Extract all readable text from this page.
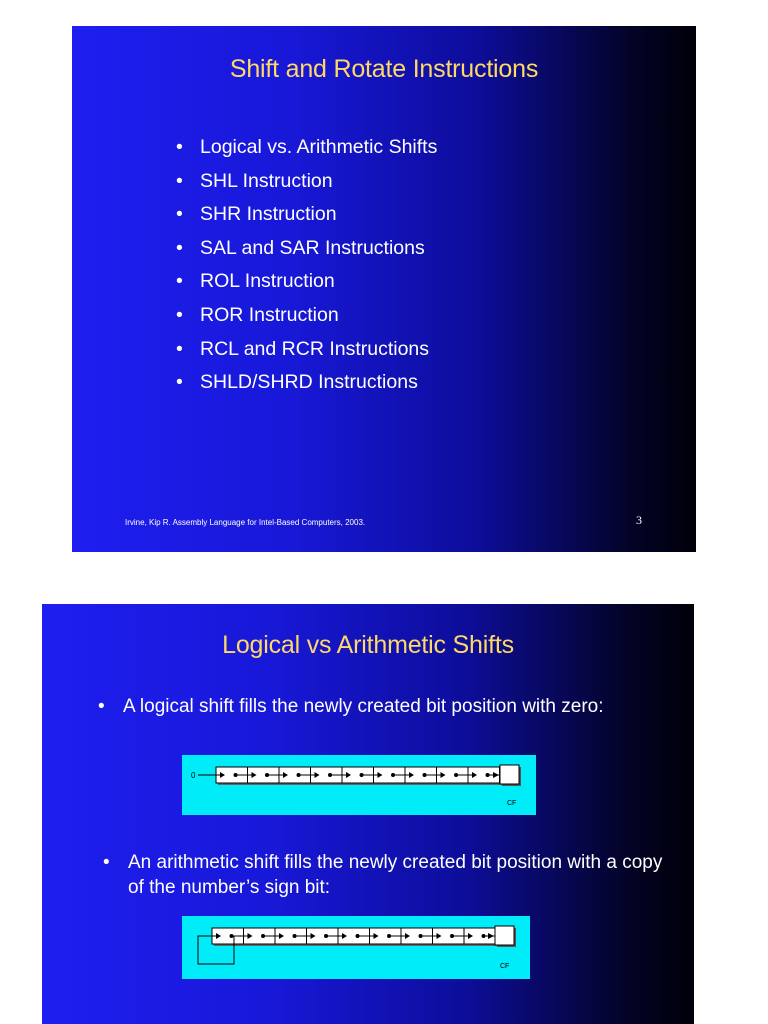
Shift and Rotate Instructions
• Logical vs. Arithmetic Shifts
• SHL Instruction
• SHR Instruction
• SAL and SAR Instructions
• ROL Instruction
• ROR Instruction
• RCL and RCR Instructions
• SHLD/SHRD Instructions
Irvine, Kip R. Assembly Language for Intel-Based Computers, 2003.	3
Logical vs Arithmetic Shifts
• A logical shift fills the newly created bit position with zero:
0
CF
• An arithmetic shift fills the newly created bit position with a copy of the number’s sign bit:
CF
